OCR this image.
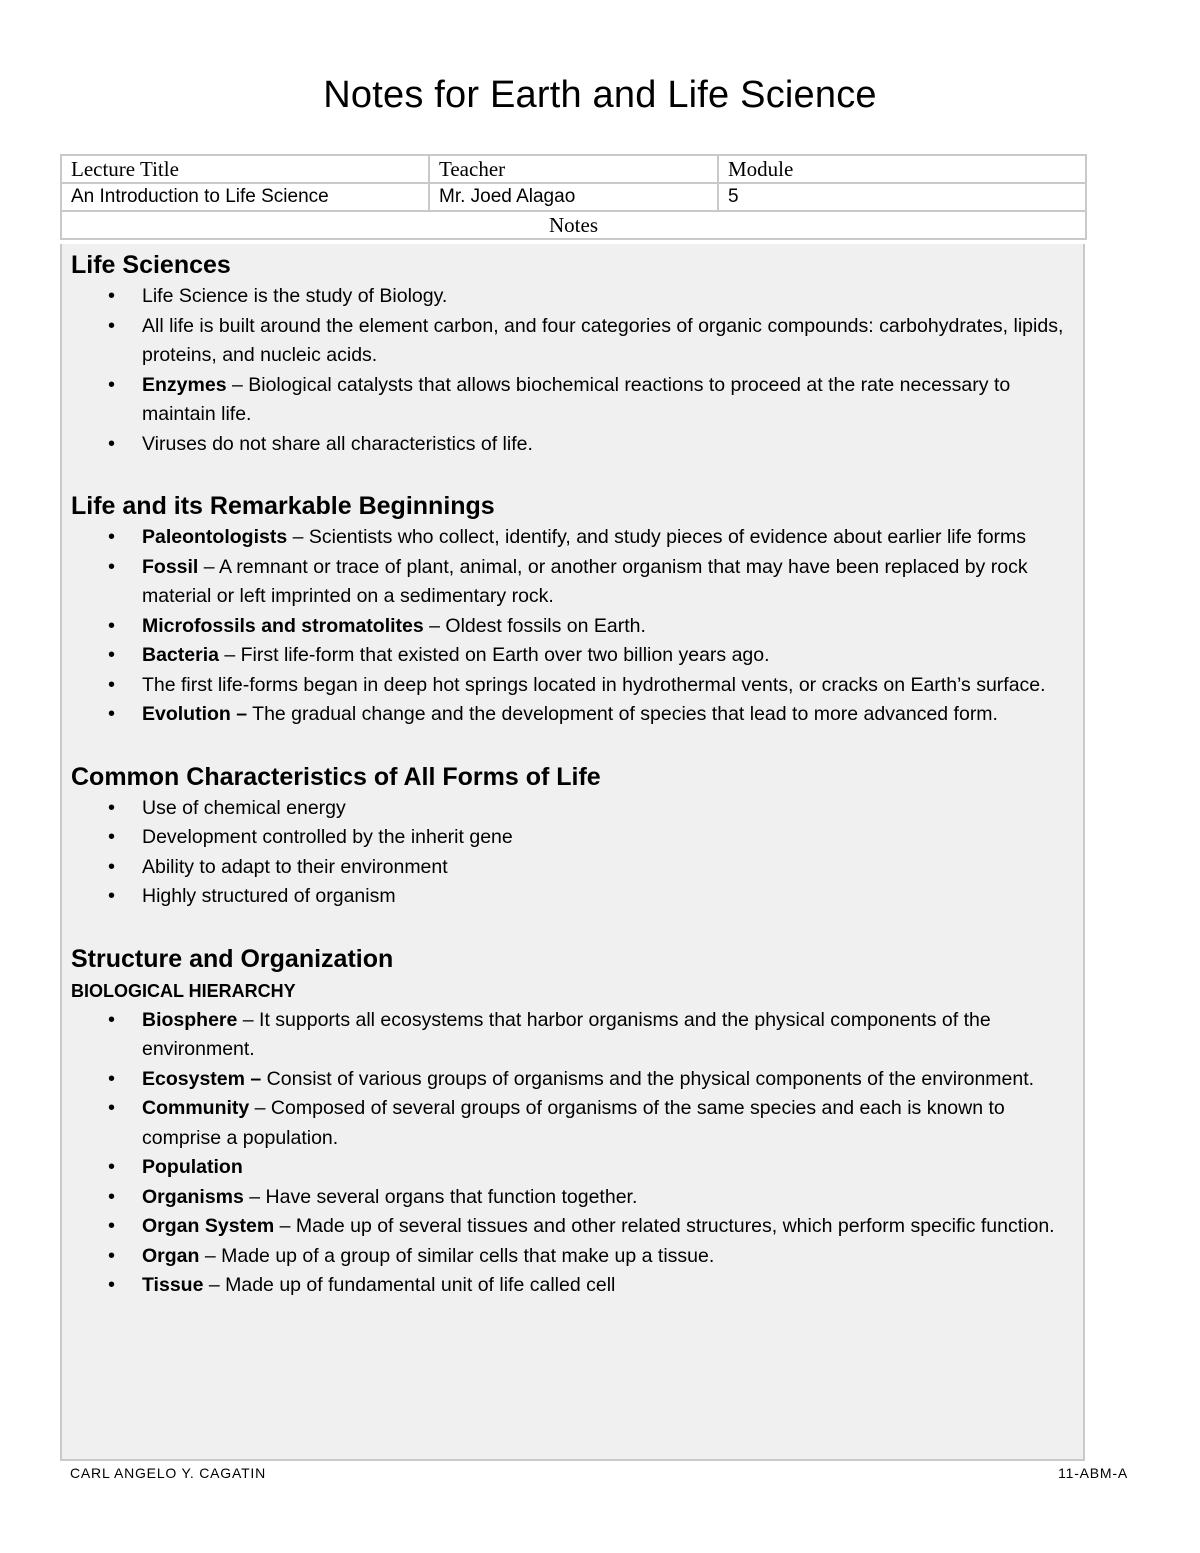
Notes for Earth and Life Science
Lecture Title	Teacher	Module
An Introduction to Life Science	Mr. Joed Alagao	5
Notes		
Life Sciences
• Life Science is the study of Biology.
• All life is built around the element carbon, and four categories of organic compounds: carbohydrates, lipids, proteins, and nucleic acids.
• Enzymes – Biological catalysts that allows biochemical reactions to proceed at the rate necessary to maintain life.
• Viruses do not share all characteristics of life.
Life and its Remarkable Beginnings
• Paleontologists – Scientists who collect, identify, and study pieces of evidence about earlier life forms
• Fossil – A remnant or trace of plant, animal, or another organism that may have been replaced by rock material or left imprinted on a sedimentary rock.
• Microfossils and stromatolites – Oldest fossils on Earth.
• Bacteria – First life-form that existed on Earth over two billion years ago.
• The first life-forms began in deep hot springs located in hydrothermal vents, or cracks on Earth’s surface.
• Evolution – The gradual change and the development of species that lead to more advanced form.
Common Characteristics of All Forms of Life
• Use of chemical energy
• Development controlled by the inherit gene
• Ability to adapt to their environment
• Highly structured of organism
Structure and Organization
BIOLOGICAL HIERARCHY
• Biosphere – It supports all ecosystems that harbor organisms and the physical components of the environment.
• Ecosystem – Consist of various groups of organisms and the physical components of the environment.
• Community – Composed of several groups of organisms of the same species and each is known to comprise a population.
• Population
• Organisms – Have several organs that function together.
• Organ System – Made up of several tissues and other related structures, which perform specific function.
• Organ – Made up of a group of similar cells that make up a tissue.
• Tissue – Made up of fundamental unit of life called cell
CARL ANGELO Y. CAGATIN	11-ABM-A
